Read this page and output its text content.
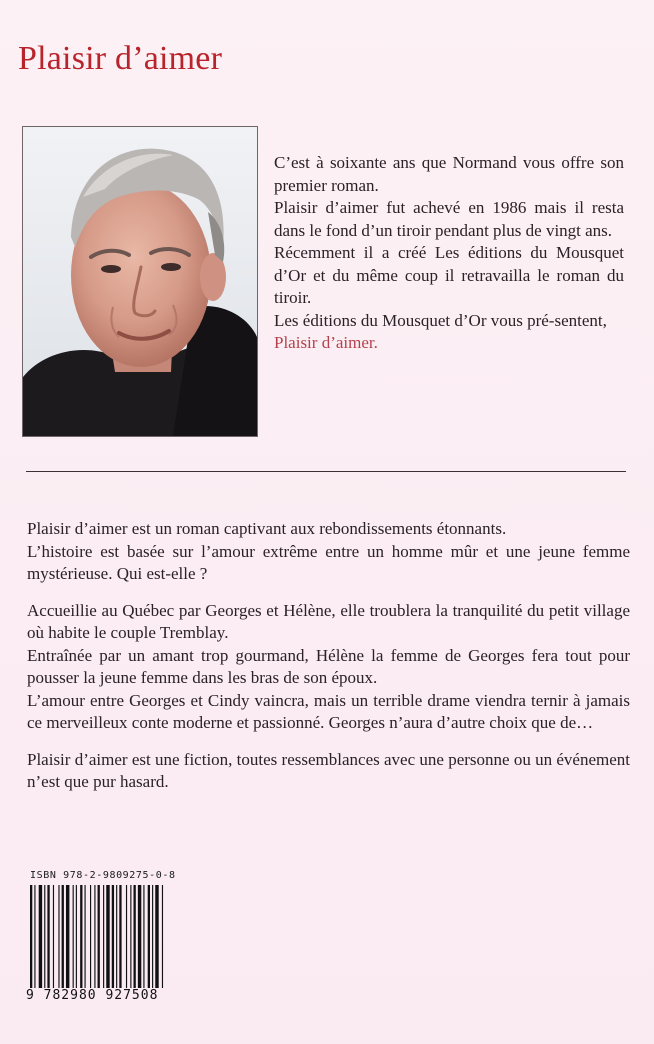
Plaisir d’aimer

C’est à soixante ans que Normand vous offre son premier roman.

Plaisir d’aimer fut achevé en 1986 mais il resta dans le fond d’un tiroir pendant plus de vingt ans.

Récemment il a créé Les éditions du Mousquet d’Or et du même coup il retravailla le roman du tiroir.

Les éditions du Mousquet d’Or vous pré-sentent,

Plaisir d’aimer.

Plaisir d’aimer est un roman captivant aux rebondissements étonnants.

L’histoire est basée sur l’amour extrême entre un homme mûr et une jeune femme mystérieuse. Qui est-elle ?

Accueillie au Québec par Georges et Hélène, elle troublera la tranquilité du petit village où habite le couple Tremblay.

Entraînée par un amant trop gourmand, Hélène la femme de Georges fera tout pour pousser la jeune femme dans les bras de son époux.

L’amour entre Georges et Cindy vaincra, mais un terrible drame viendra ternir à jamais ce merveilleux conte moderne et passionné. Georges n’aura d’autre choix que de…

Plaisir d’aimer est une fiction, toutes ressemblances avec une personne ou un événement n’est que pur hasard.

ISBN 978-2-9809275-0-8
9 782980 927508
